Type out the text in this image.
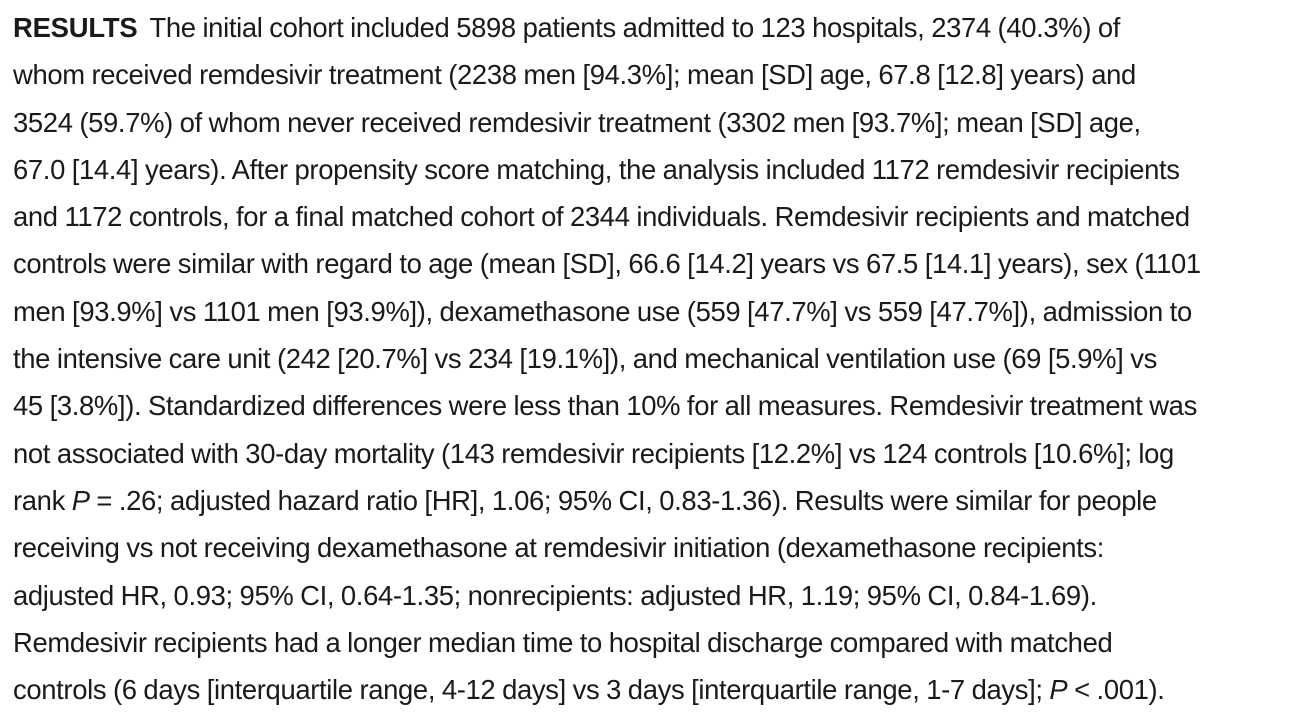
RESULTS The initial cohort included 5898 patients admitted to 123 hospitals, 2374 (40.3%) of
whom received remdesivir treatment (2238 men [94.3%]; mean [SD] age, 67.8 [12.8] years) and
3524 (59.7%) of whom never received remdesivir treatment (3302 men [93.7%]; mean [SD] age,
67.0 [14.4] years). After propensity score matching, the analysis included 1172 remdesivir recipients
and 1172 controls, for a final matched cohort of 2344 individuals. Remdesivir recipients and matched
controls were similar with regard to age (mean [SD], 66.6 [14.2] years vs 67.5 [14.1] years), sex (1101
men [93.9%] vs 1101 men [93.9%]), dexamethasone use (559 [47.7%] vs 559 [47.7%]), admission to
the intensive care unit (242 [20.7%] vs 234 [19.1%]), and mechanical ventilation use (69 [5.9%] vs
45 [3.8%]). Standardized differences were less than 10% for all measures. Remdesivir treatment was
not associated with 30-day mortality (143 remdesivir recipients [12.2%] vs 124 controls [10.6%]; log
rank P = .26; adjusted hazard ratio [HR], 1.06; 95% CI, 0.83-1.36). Results were similar for people
receiving vs not receiving dexamethasone at remdesivir initiation (dexamethasone recipients:
adjusted HR, 0.93; 95% CI, 0.64-1.35; nonrecipients: adjusted HR, 1.19; 95% CI, 0.84-1.69).
Remdesivir recipients had a longer median time to hospital discharge compared with matched
controls (6 days [interquartile range, 4-12 days] vs 3 days [interquartile range, 1-7 days]; P < .001).
